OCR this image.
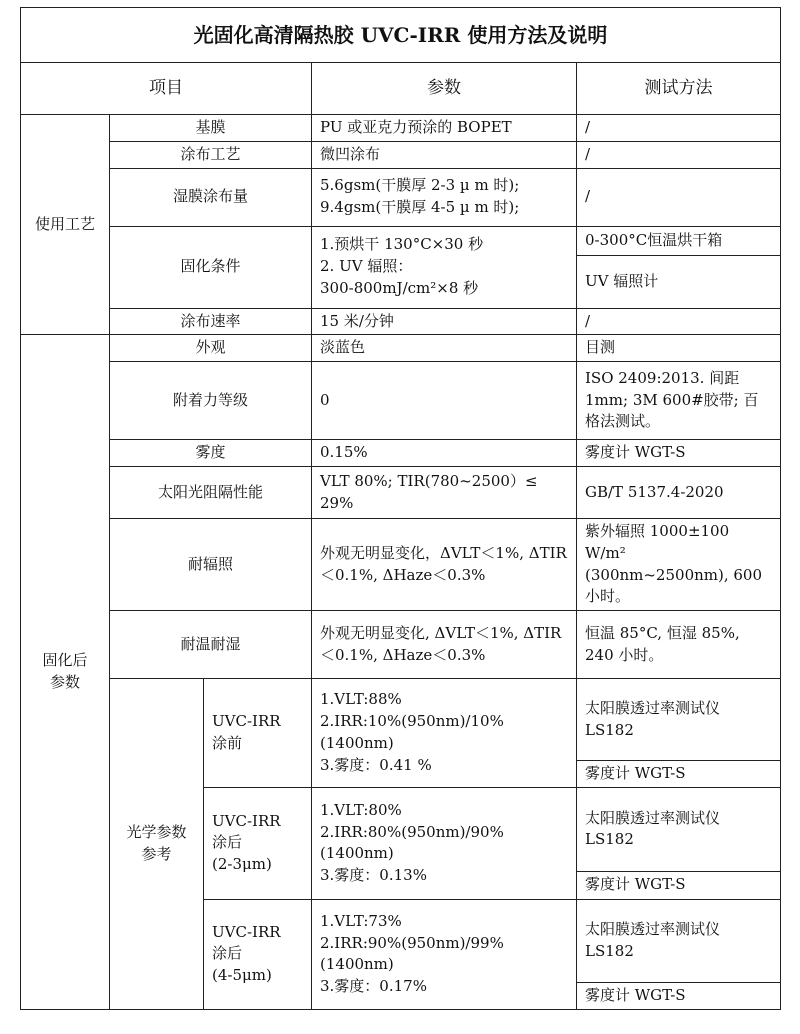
光固化高清隔热胶 UVC-IRR 使用方法及说明				
项目			参数	测试方法
使用工艺	基膜		PU 或亚克力预涂的 BOPET	/
	涂布工艺		微凹涂布	/
	湿膜涂布量		5.6gsm(干膜厚 2-3 µ m 时);
9.4gsm(干膜厚 4-5 µ m 时);	/
	固化条件		1.预烘干 130°C×30 秒
2. UV 辐照：
300-800mJ/cm²×8 秒	0-300°C恒温烘干箱
				UV 辐照计
	涂布速率		15 米/分钟	/
固化后
参数	外观		淡蓝色	目测
	附着力等级		0	ISO 2409:2013. 间距 1mm; 3M 600#胶带; 百格法测试。
	雾度		0.15%	雾度计 WGT-S
	太阳光阻隔性能		VLT 80%; TIR(780~2500）≤ 29%	GB/T 5137.4-2020
	耐辐照		外观无明显变化，ΔVLT＜1%, ΔTIR＜0.1%, ΔHaze＜0.3%	紫外辐照 1000±100 W/m² (300nm~2500nm), 600 小时。
	耐温耐湿		外观无明显变化, ΔVLT＜1%, ΔTIR＜0.1%, ΔHaze＜0.3%	恒温 85°C, 恒湿 85%, 240 小时。
	光学参数
参考	UVC-IRR
涂前	1.VLT:88%
2.IRR:10%(950nm)/10%(1400nm)
3.雾度：0.41 %	太阳膜透过率测试仪 LS182
				雾度计 WGT-S
		UVC-IRR
涂后
(2-3μm)	1.VLT:80%
2.IRR:80%(950nm)/90%(1400nm)
3.雾度：0.13%	太阳膜透过率测试仪 LS182
				雾度计 WGT-S
		UVC-IRR
涂后
(4-5μm)	1.VLT:73%
2.IRR:90%(950nm)/99%(1400nm)
3.雾度：0.17%	太阳膜透过率测试仪 LS182
				雾度计 WGT-S
